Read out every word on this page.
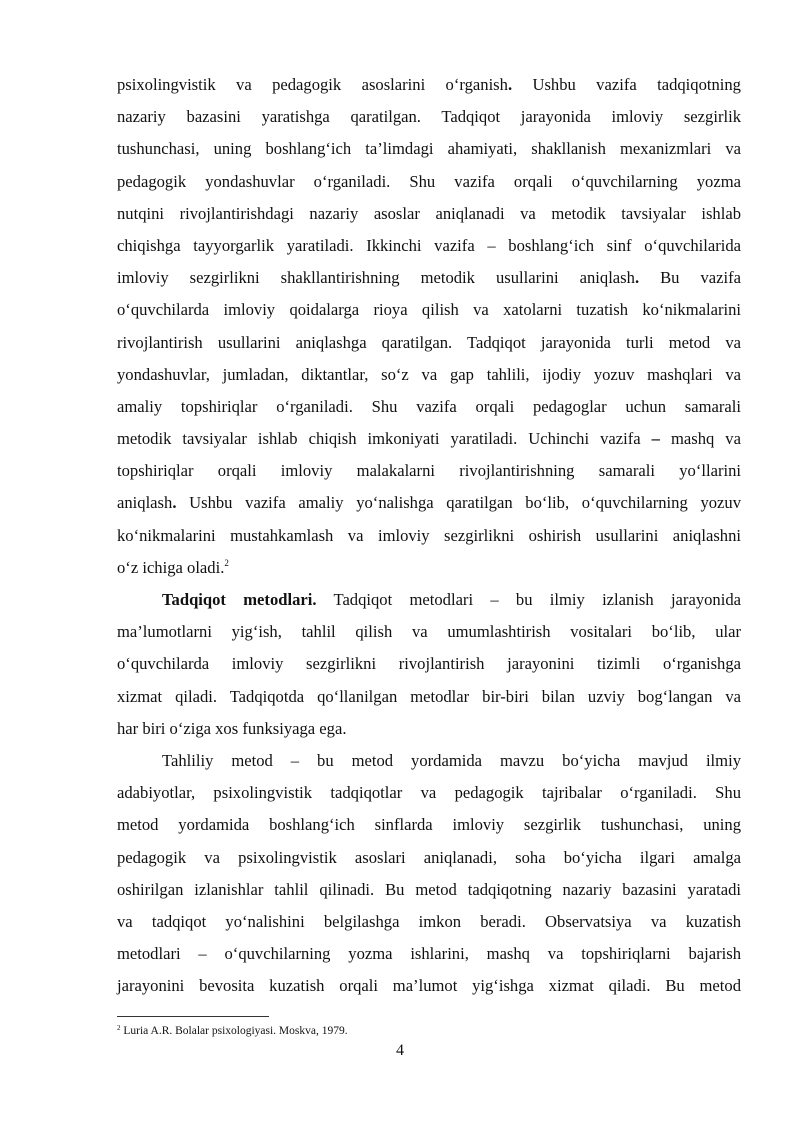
psixolingvistik va pedagogik asoslarini o‘rganish. Ushbu vazifa tadqiqotning
nazariy bazasini yaratishga qaratilgan. Tadqiqot jarayonida imloviy sezgirlik
tushunchasi, uning boshlang‘ich ta’limdagi ahamiyati, shakllanish mexanizmlari va
pedagogik yondashuvlar o‘rganiladi. Shu vazifa orqali o‘quvchilarning yozma
nutqini rivojlantirishdagi nazariy asoslar aniqlanadi va metodik tavsiyalar ishlab
chiqishga tayyorgarlik yaratiladi. Ikkinchi vazifa – boshlang‘ich sinf o‘quvchilarida
imloviy sezgirlikni shakllantirishning metodik usullarini aniqlash. Bu vazifa
o‘quvchilarda imloviy qoidalarga rioya qilish va xatolarni tuzatish ko‘nikmalarini
rivojlantirish usullarini aniqlashga qaratilgan. Tadqiqot jarayonida turli metod va
yondashuvlar, jumladan, diktantlar, so‘z va gap tahlili, ijodiy yozuv mashqlari va
amaliy topshiriqlar o‘rganiladi. Shu vazifa orqali pedagoglar uchun samarali
metodik tavsiyalar ishlab chiqish imkoniyati yaratiladi. Uchinchi vazifa – mashq va
topshiriqlar orqali imloviy malakalarni rivojlantirishning samarali yo‘llarini
aniqlash. Ushbu vazifa amaliy yo‘nalishga qaratilgan bo‘lib, o‘quvchilarning yozuv
ko‘nikmalarini mustahkamlash va imloviy sezgirlikni oshirish usullarini aniqlashni
o‘z ichiga oladi.$^2$
Tadqiqot metodlari. Tadqiqot metodlari – bu ilmiy izlanish jarayonida
ma’lumotlarni yig‘ish, tahlil qilish va umumlashtirish vositalari bo‘lib, ular
o‘quvchilarda imloviy sezgirlikni rivojlantirish jarayonini tizimli o‘rganishga
xizmat qiladi. Tadqiqotda qo‘llanilgan metodlar bir-biri bilan uzviy bog‘langan va
har biri o‘ziga xos funksiyaga ega.
Tahliliy metod – bu metod yordamida mavzu bo‘yicha mavjud ilmiy
adabiyotlar, psixolingvistik tadqiqotlar va pedagogik tajribalar o‘rganiladi. Shu
metod yordamida boshlang‘ich sinflarda imloviy sezgirlik tushunchasi, uning
pedagogik va psixolingvistik asoslari aniqlanadi, soha bo‘yicha ilgari amalga
oshirilgan izlanishlar tahlil qilinadi. Bu metod tadqiqotning nazariy bazasini yaratadi
va tadqiqot yo‘nalishini belgilashga imkon beradi. Observatsiya va kuzatish
metodlari – o‘quvchilarning yozma ishlarini, mashq va topshiriqlarni bajarish
jarayonini bevosita kuzatish orqali ma’lumot yig‘ishga xizmat qiladi. Bu metod
$^2$ Luria A.R. Bolalar psixologiyasi. Moskva, 1979.
4
